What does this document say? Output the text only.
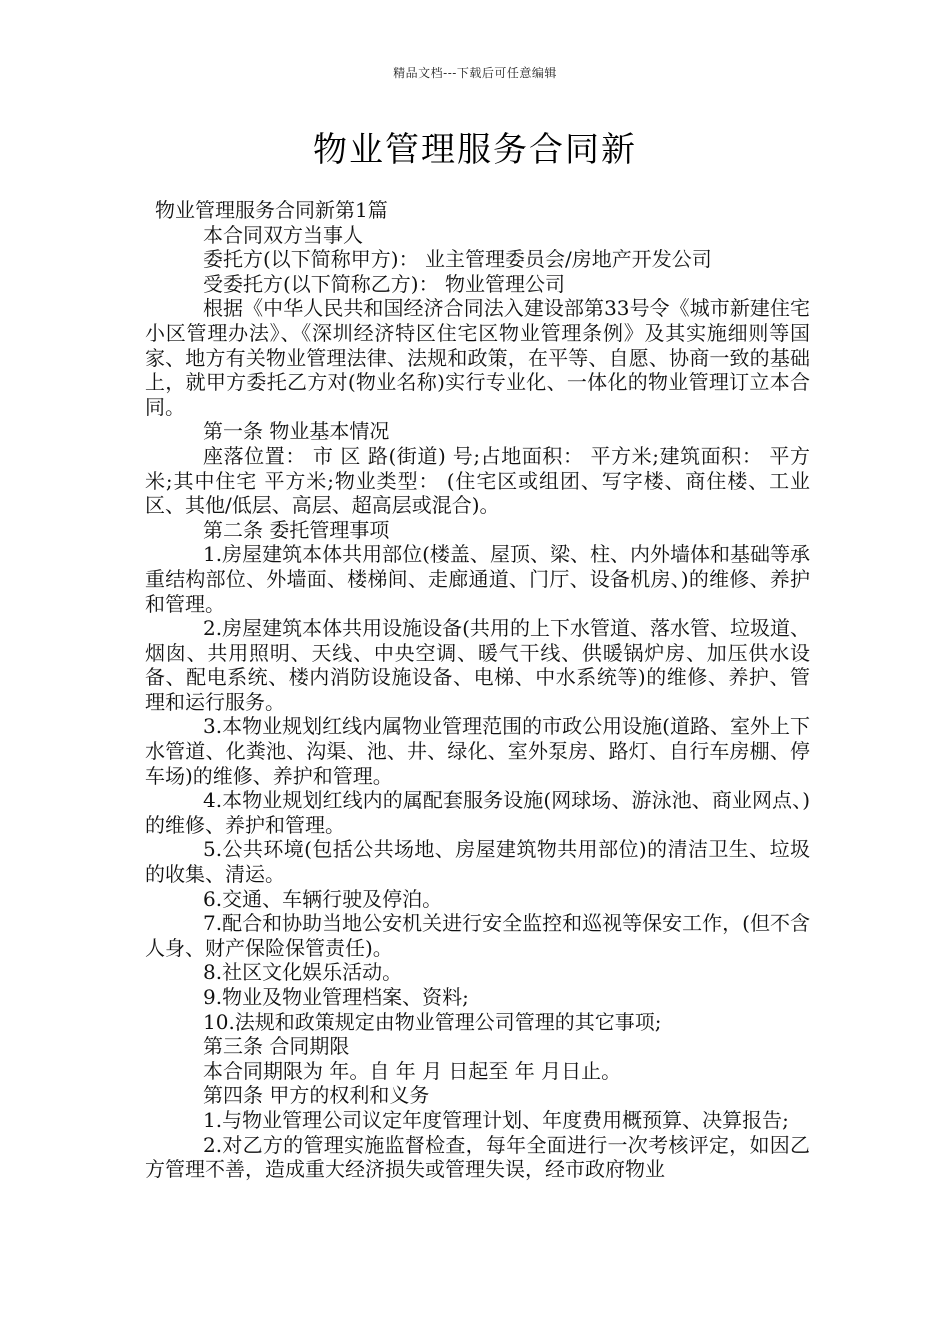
精品文档---下载后可任意编辑
物业管理服务合同新

物业管理服务合同新第1篇

本合同双方当事人

委托方(以下简称甲方)： 业主管理委员会/房地产开发公司

受委托方(以下简称乙方)： 物业管理公司

根据《中华人民共和国经济合同法入建设部第33号令《城市新建住宅小区管理办法》、《深圳经济特区住宅区物业管理条例》及其实施细则等国家、地方有关物业管理法律、法规和政策，在平等、自愿、协商一致的基础上，就甲方委托乙方对(物业名称)实行专业化、一体化的物业管理订立本合同。

第一条 物业基本情况

座落位置： 市 区 路(街道) 号;占地面积： 平方米;建筑面积： 平方米;其中住宅 平方米;物业类型： (住宅区或组团、写字楼、商住楼、工业区、其他/低层、高层、超高层或混合)。

第二条 委托管理事项

1.房屋建筑本体共用部位(楼盖、屋顶、梁、柱、内外墙体和基础等承重结构部位、外墙面、楼梯间、走廊通道、门厅、设备机房、)的维修、养护和管理。

2.房屋建筑本体共用设施设备(共用的上下水管道、落水管、垃圾道、烟囱、共用照明、天线、中央空调、暖气干线、供暖锅炉房、加压供水设备、配电系统、楼内消防设施设备、电梯、中水系统等)的维修、养护、管理和运行服务。

3.本物业规划红线内属物业管理范围的市政公用设施(道路、室外上下水管道、化粪池、沟渠、池、井、绿化、室外泵房、路灯、自行车房棚、停车场)的维修、养护和管理。

4.本物业规划红线内的属配套服务设施(网球场、游泳池、商业网点、)的维修、养护和管理。

5.公共环境(包括公共场地、房屋建筑物共用部位)的清洁卫生、垃圾的收集、清运。

6.交通、车辆行驶及停泊。

7.配合和协助当地公安机关进行安全监控和巡视等保安工作，(但不含人身、财产保险保管责任)。

8.社区文化娱乐活动。

9.物业及物业管理档案、资料;

10.法规和政策规定由物业管理公司管理的其它事项;

第三条 合同期限

本合同期限为 年。自 年 月 日起至 年 月日止。

第四条 甲方的权利和义务

1.与物业管理公司议定年度管理计划、年度费用概预算、决算报告;

2.对乙方的管理实施监督检查，每年全面进行一次考核评定，如因乙方管理不善，造成重大经济损失或管理失误，经市政府物业
